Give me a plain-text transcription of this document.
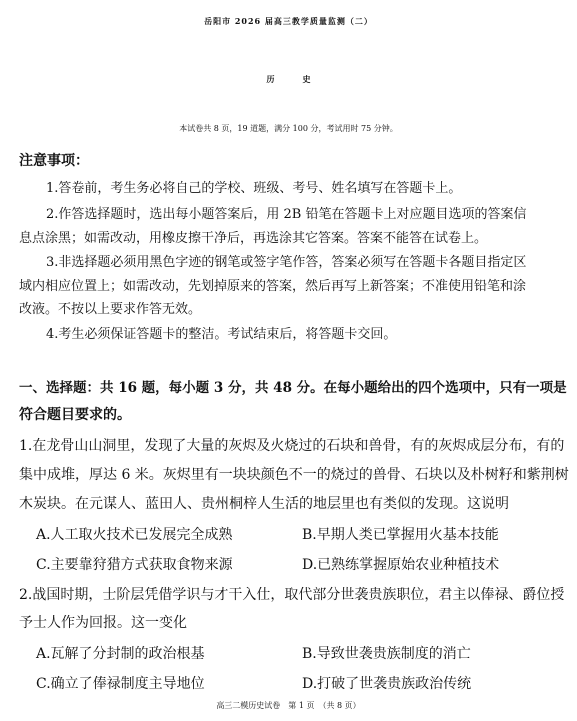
岳阳市 2026 届高三教学质量监测（二）
历史
本试卷共 8 页，19 道题，满分 100 分，考试用时 75 分钟。
注意事项：
1.答卷前，考生务必将自己的学校、班级、考号、姓名填写在答题卡上。
2.作答选择题时，选出每小题答案后，用 2B 铅笔在答题卡上对应题目选项的答案信
息点涂黑；如需改动，用橡皮擦干净后，再选涂其它答案。答案不能答在试卷上。
3.非选择题必须用黑色字迹的钢笔或签字笔作答，答案必须写在答题卡各题目指定区
域内相应位置上；如需改动，先划掉原来的答案，然后再写上新答案；不准使用铅笔和涂
改液。不按以上要求作答无效。
4.考生必须保证答题卡的整洁。考试结束后，将答题卡交回。
一、选择题：共 16 题，每小题 3 分，共 48 分。在每小题给出的四个选项中，只有一项是
符合题目要求的。
1.在龙骨山山洞里，发现了大量的灰烬及火烧过的石块和兽骨，有的灰烬成层分布，有的
集中成堆，厚达 6 米。灰烬里有一块块颜色不一的烧过的兽骨、石块以及朴树籽和紫荆树
木炭块。在元谋人、蓝田人、贵州桐梓人生活的地层里也有类似的发现。这说明
A.人工取火技术已发展完全成熟	B.早期人类已掌握用火基本技能
C.主要靠狩猎方式获取食物来源	D.已熟练掌握原始农业种植技术
2.战国时期，士阶层凭借学识与才干入仕，取代部分世袭贵族职位，君主以俸禄、爵位授
予士人作为回报。这一变化
A.瓦解了分封制的政治根基	B.导致世袭贵族制度的消亡
C.确立了俸禄制度主导地位	D.打破了世袭贵族政治传统
高三二模历史试卷　第 1 页　（共 8 页）
